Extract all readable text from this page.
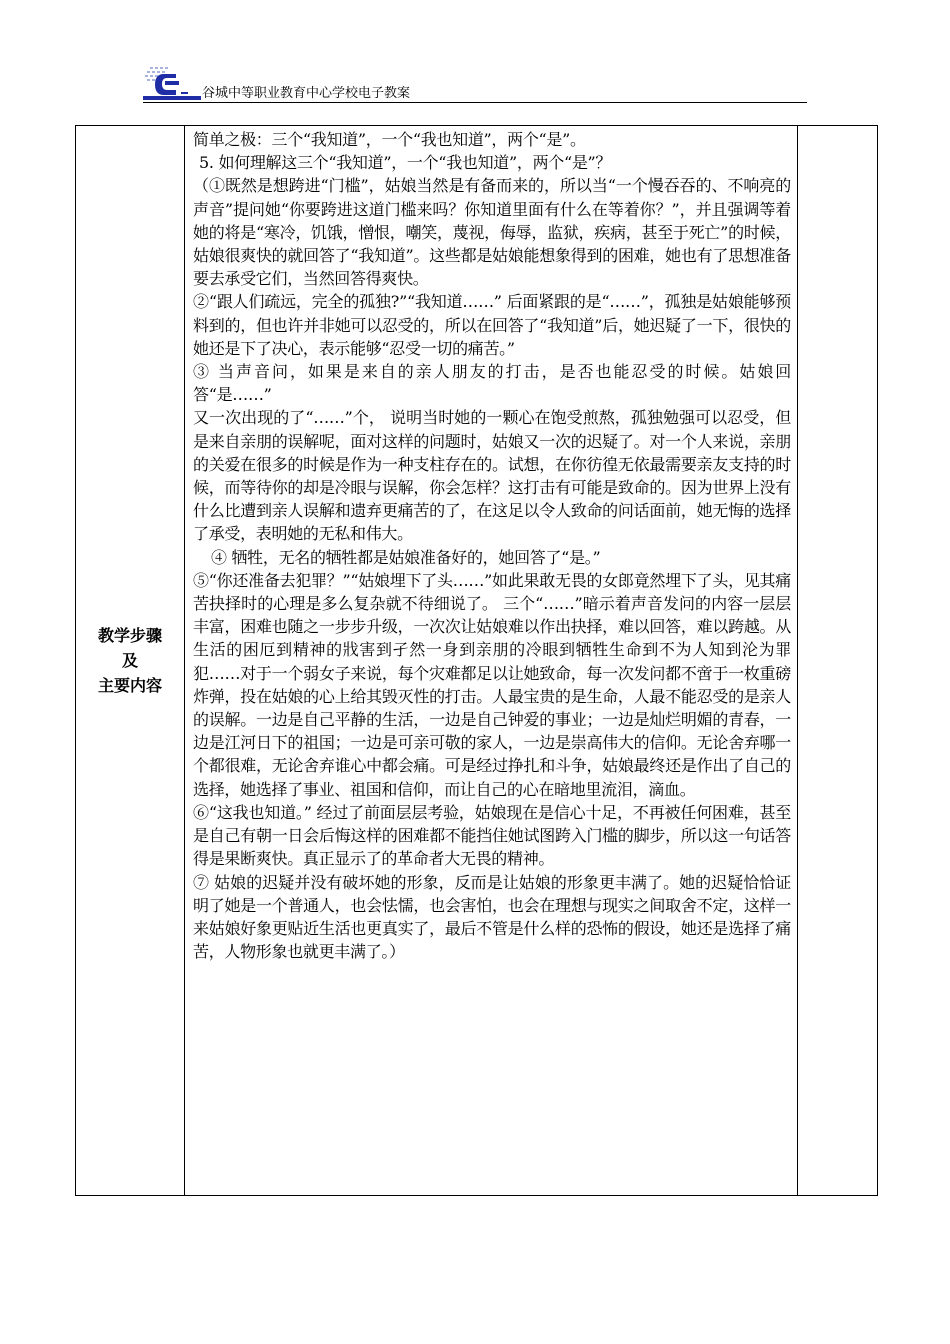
谷城中等职业教育中心学校电子教案
教学步骤
及
主要内容

简单之极：三个“我知道”，一个“我也知道”，两个“是”。

5. 如何理解这三个“我知道”，一个“我也知道”，两个“是”？

（①既然是想跨进“门槛”，姑娘当然是有备而来的，所以当“一个慢吞吞的、不响亮的声音”提问她“你要跨进这道门槛来吗？你知道里面有什么在等着你？”，并且强调等着她的将是“寒冷，饥饿，憎恨，嘲笑，蔑视，侮辱，监狱，疾病，甚至于死亡”的时候，姑娘很爽快的就回答了“我知道”。这些都是姑娘能想象得到的困难，她也有了思想准备要去承受它们，当然回答得爽快。

②“跟人们疏远，完全的孤独?”“我知道……” 后面紧跟的是“……”，孤独是姑娘能够预料到的，但也许并非她可以忍受的，所以在回答了“我知道”后，她迟疑了一下，很快的她还是下了决心，表示能够“忍受一切的痛苦。”

③ 当声音问，如果是来自的亲人朋友的打击，是否也能忍受的时候。姑娘回答“是……”

又一次出现的了“……”个， 说明当时她的一颗心在饱受煎熬，孤独勉强可以忍受，但是来自亲朋的误解呢，面对这样的问题时，姑娘又一次的迟疑了。对一个人来说，亲朋的关爱在很多的时候是作为一种支柱存在的。试想，在你彷徨无依最需要亲友支持的时候，而等待你的却是冷眼与误解，你会怎样？这打击有可能是致命的。因为世界上没有什么比遭到亲人误解和遗弃更痛苦的了，在这足以令人致命的问话面前，她无悔的选择了承受，表明她的无私和伟大。

④ 牺牲，无名的牺牲都是姑娘准备好的，她回答了“是。”

⑤“你还准备去犯罪？”“姑娘埋下了头……”如此果敢无畏的女郎竟然埋下了头，见其痛苦抉择时的心理是多么复杂就不待细说了。 三个“……”暗示着声音发问的内容一层层丰富，困难也随之一步步升级，一次次让姑娘难以作出抉择，难以回答，难以跨越。从生活的困厄到精神的戕害到孑然一身到亲朋的冷眼到牺牲生命到不为人知到沦为罪犯……对于一个弱女子来说，每个灾难都足以让她致命，每一次发问都不啻于一枚重磅炸弹，投在姑娘的心上给其毁灭性的打击。人最宝贵的是生命，人最不能忍受的是亲人的误解。一边是自己平静的生活，一边是自己钟爱的事业；一边是灿烂明媚的青春，一边是江河日下的祖国；一边是可亲可敬的家人，一边是崇高伟大的信仰。无论舍弃哪一个都很难，无论舍弃谁心中都会痛。可是经过挣扎和斗争，姑娘最终还是作出了自己的选择，她选择了事业、祖国和信仰，而让自己的心在暗地里流泪，滴血。

⑥“这我也知道。” 经过了前面层层考验，姑娘现在是信心十足，不再被任何困难，甚至是自己有朝一日会后悔这样的困难都不能挡住她试图跨入门槛的脚步，所以这一句话答得是果断爽快。真正显示了的革命者大无畏的精神。

⑦ 姑娘的迟疑并没有破坏她的形象，反而是让姑娘的形象更丰满了。她的迟疑恰恰证明了她是一个普通人，也会怯懦，也会害怕，也会在理想与现实之间取舍不定，这样一来姑娘好象更贴近生活也更真实了，最后不管是什么样的恐怖的假设，她还是选择了痛苦，人物形象也就更丰满了。）
